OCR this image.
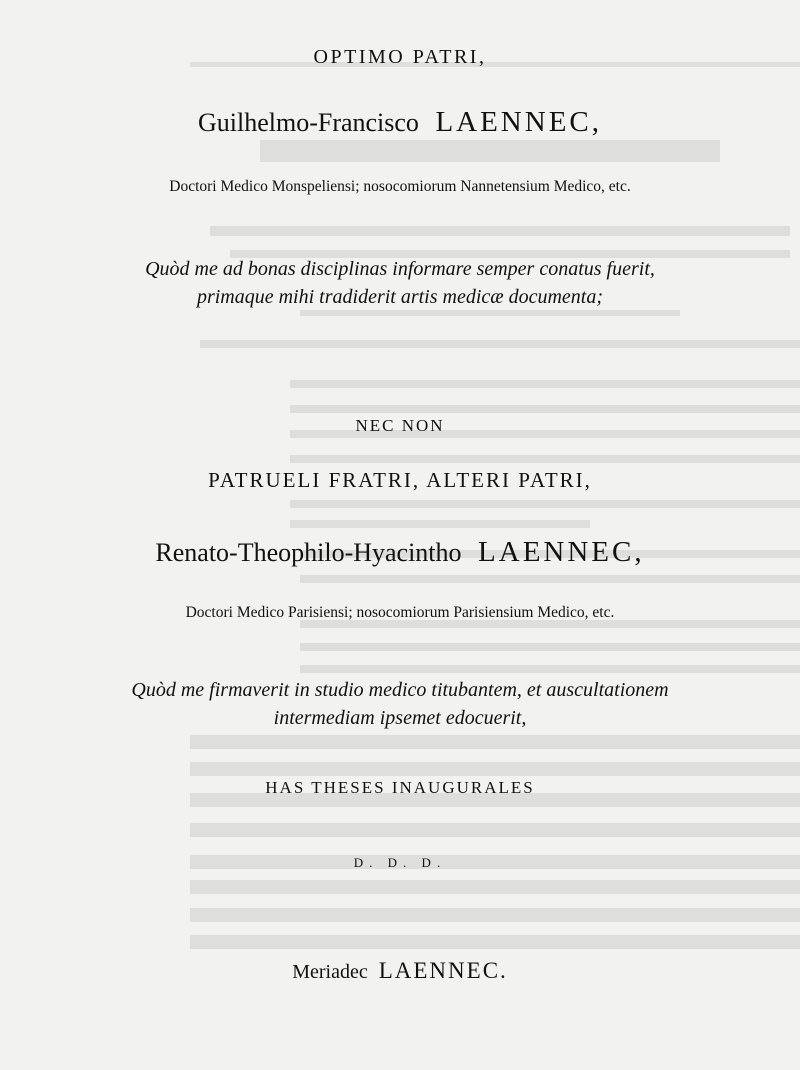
OPTIMO PATRI,
Guilhelmo-Francisco LAENNEC,
Doctori Medico Monspeliensi; nosocomiorum Nannetensium Medico, etc.
Quòd me ad bonas disciplinas informare semper conatus fuerit,
primaque mihi tradiderit artis medicæ documenta;
NEC NON
PATRUELI FRATRI, ALTERI PATRI,
Renato-Theophilo-Hyacintho LAENNEC,
Doctori Medico Parisiensi; nosocomiorum Parisiensium Medico, etc.
Quòd me firmaverit in studio medico titubantem, et auscultationem
intermediam ipsemet edocuerit,
HAS THESES INAUGURALES
D. D. D.
Meriadec LAENNEC.
